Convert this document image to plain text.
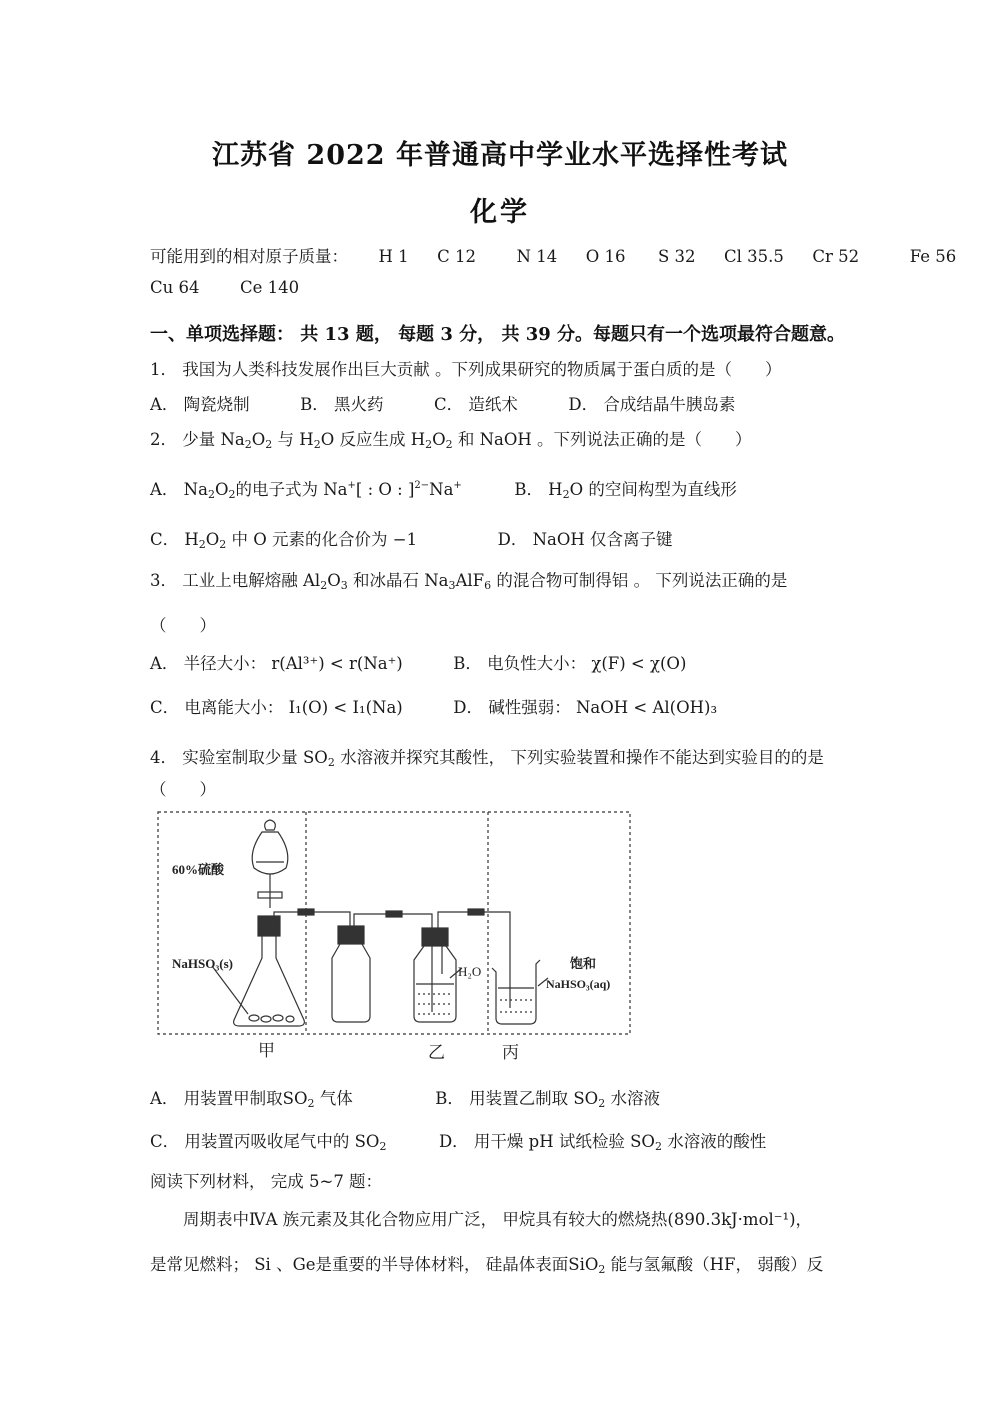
江苏省 2022 年普通高中学业水平选择性考试
化学
可能用到的相对原子质量： H 1 C 12 N 14 O 16 S 32 Cl 35.5 Cr 52	Fe 56
Cu 64 Ce 140
一、单项选择题： 共 13 题， 每题 3 分， 共 39 分。每题只有一个选项最符合题意。
1． 我国为人类科技发展作出巨大贡献 。下列成果研究的物质属于蛋白质的是（　　）
A． 陶瓷烧制	B． 黑火药	C． 造纸术	D． 合成结晶牛胰岛素
2． 少量 $Na_2O_2$ 与 $H_2O$ 反应生成 $H_2O_2$ 和 NaOH 。下列说法正确的是（　　）
A． $Na_2O_2$的电子式为 Na+[ : O : ]$^{2-}$Na+	B． $H_2O$ 的空间构型为直线形
C． $H_2O_2$ 中 O 元素的化合价为 −1	D． NaOH 仅含离子键
3． 工业上电解熔融 $Al_2O_3$ 和冰晶石 $Na_3AlF_6$ 的混合物可制得铝 。 下列说法正确的是
（　　）
A． 半径大小： r(Al³⁺) < r(Na⁺)	B． 电负性大小： χ(F) < χ(O)
C． 电离能大小： I₁(O) < I₁(Na)	D． 碱性强弱： NaOH < Al(OH)₃
4． 实验室制取少量 $SO_2$ 水溶液并探究其酸性， 下列实验装置和操作不能达到实验目的的是
（　　）
60%硫酸
NaHSO₃(s)
H₂O
饱和
NaHSO₃(aq)
甲	乙	丙
A． 用装置甲制取$SO_2$ 气体	B． 用装置乙制取 $SO_2$ 水溶液
C． 用装置丙吸收尾气中的 $SO_2$	D． 用干燥 pH 试纸检验 $SO_2$ 水溶液的酸性
阅读下列材料， 完成 5~7 题：
　　周期表中ⅣA 族元素及其化合物应用广泛， 甲烷具有较大的燃烧热(890.3kJ·mol⁻¹)，
是常见燃料； Si 、Ge是重要的半导体材料， 硅晶体表面SiO$_2$ 能与氢氟酸（HF， 弱酸）反
